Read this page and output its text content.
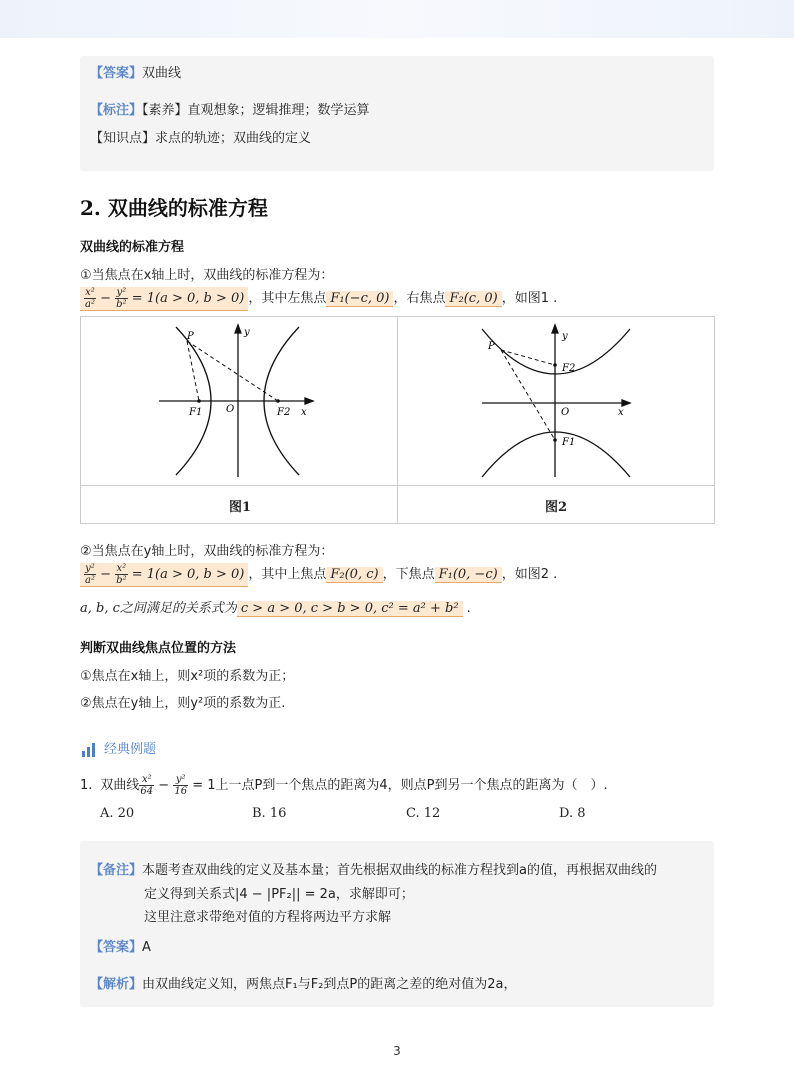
【答案】双曲线
【标注】【素养】直观想象；逻辑推理；数学运算
【知识点】求点的轨迹；双曲线的定义
2. 双曲线的标准方程
双曲线的标准方程
①当焦点在x轴上时，双曲线的标准方程为：
$\frac{\text{x²}}{\text{a²}} - \frac{\text{y²}}{\text{b²}} = 1(a > 0$, b > 0) ，其中左焦点 F₁(−c, 0) ，右焦点 F₂(c, 0) ，如图1 .
P
F1	F2
O	x
y
P
F2
F1
O	x
y
图1	图2
②当焦点在y轴上时，双曲线的标准方程为：
$\frac{\text{y²}}{\text{a²}} - \frac{\text{x²}}{\text{b²}} = 1(a > 0$, b > 0) ，其中上焦点 F₂(0, c) ，下焦点 F₁(0, −c) ，如图2 .
a, b, c之间满足的关系式为 c > a > 0, c > b > 0, c² = a² + b² .
判断双曲线焦点位置的方法
①焦点在x轴上，则x²项的系数为正；
②焦点在y轴上，则y²项的系数为正.
经典例题
1. 双曲线 $\frac{\text{x²}}{64} - \frac{\text{y²}}{16} = 1$上一点P到一个焦点的距离为4，则点P到另一个焦点的距离为（　）.
A. 20	B. 16	C. 12	D. 8
【备注】本题考查双曲线的定义及基本量；首先根据双曲线的标准方程找到a的值，再根据双曲线的
定义得到关系式|4 − |PF₂|| = 2a，求解即可；
这里注意求带绝对值的方程将两边平方求解
【答案】A
【解析】由双曲线定义知，两焦点F₁与F₂到点P的距离之差的绝对值为2a，
3
